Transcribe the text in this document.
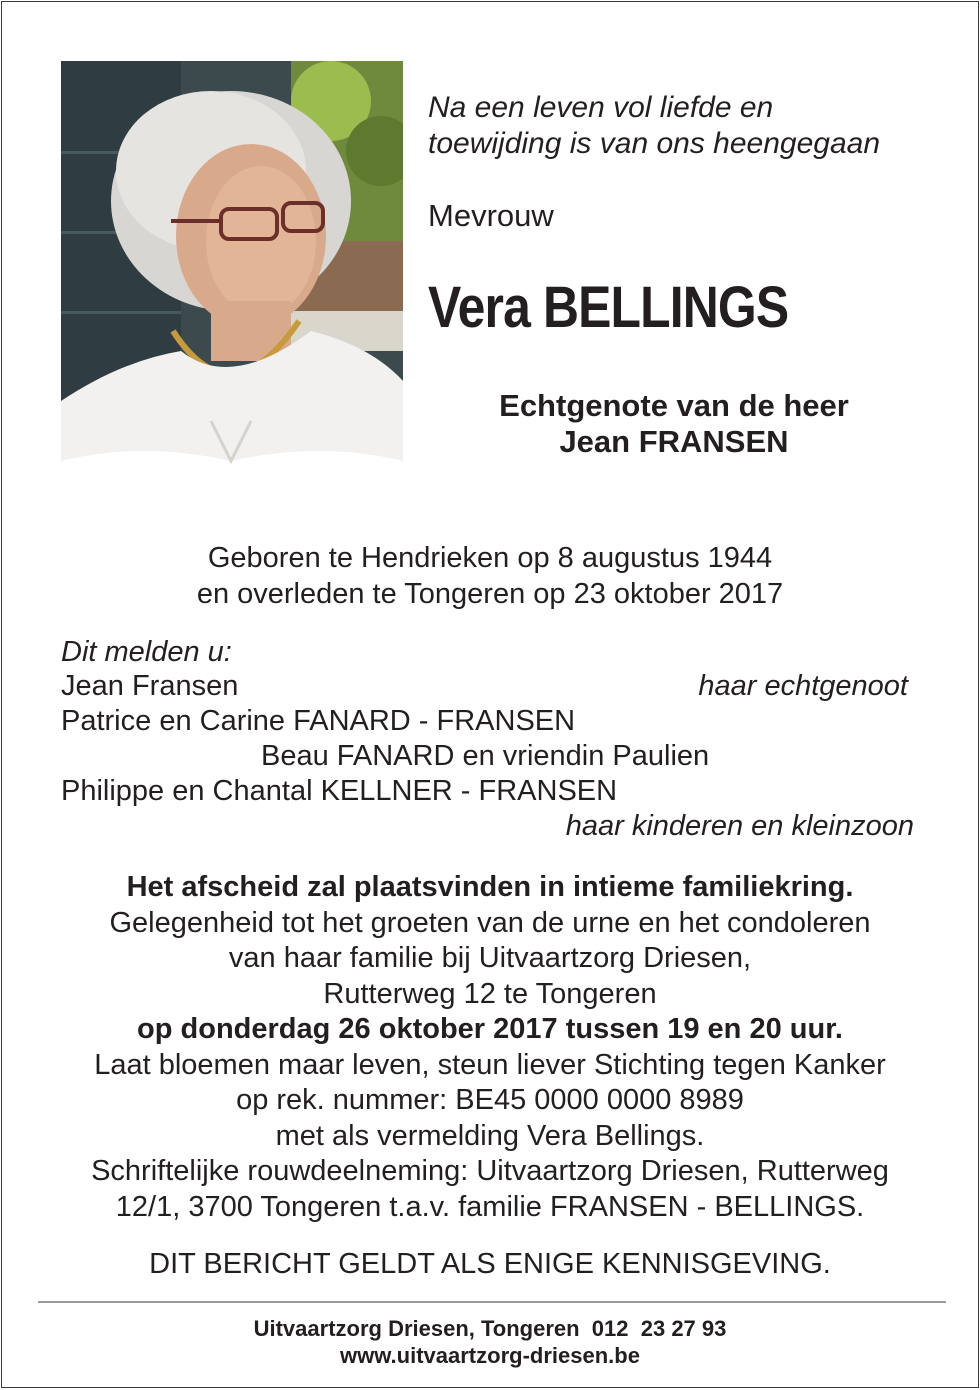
Na een leven vol liefde en
toewijding is van ons heengegaan
Mevrouw
Vera BELLINGS
Echtgenote van de heer
Jean FRANSEN
Geboren te Hendrieken op 8 augustus 1944
en overleden te Tongeren op 23 oktober 2017
Dit melden u:
Jean Fransen	haar echtgenoot
Patrice en Carine FANARD - FRANSEN
Beau FANARD en vriendin Paulien
Philippe en Chantal KELLNER - FRANSEN
haar kinderen en kleinzoon
Het afscheid zal plaatsvinden in intieme familiekring.
Gelegenheid tot het groeten van de urne en het condoleren
van haar familie bij Uitvaartzorg Driesen,
Rutterweg 12 te Tongeren
op donderdag 26 oktober 2017 tussen 19 en 20 uur.
Laat bloemen maar leven, steun liever Stichting tegen Kanker
op rek. nummer: BE45 0000 0000 8989
met als vermelding Vera Bellings.
Schriftelijke rouwdeelneming: Uitvaartzorg Driesen, Rutterweg
12/1, 3700 Tongeren t.a.v. familie FRANSEN - BELLINGS.
DIT BERICHT GELDT ALS ENIGE KENNISGEVING.
Uitvaartzorg Driesen, Tongeren  012  23 27 93
www.uitvaartzorg-driesen.be
